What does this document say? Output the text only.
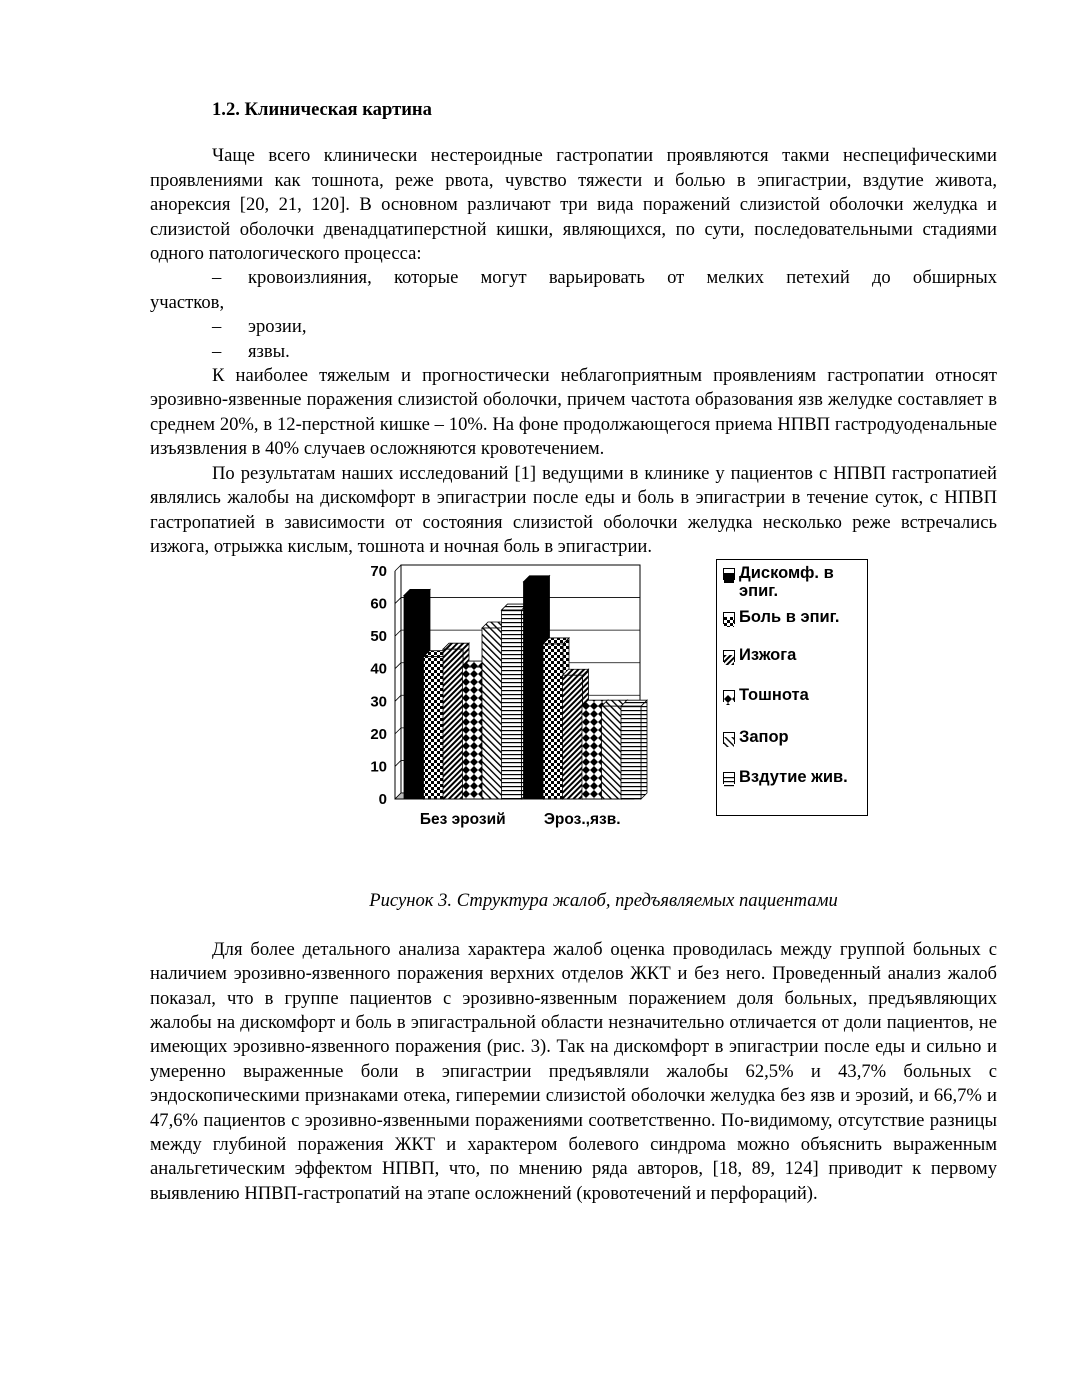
1.2. Клиническая картина

Чаще всего клинически нестероидные гастропатии проявляются такми неспецифическими проявлениями как тошнота, реже рвота, чувство тяжести и болью в эпигастрии, вздутие живота, анорексия [20, 21, 120]. В основном различают три вида поражений слизистой оболочки желудка и слизистой оболочки двенадцатиперстной кишки, являющихся, по сути, последовательными стадиями одного патологического процесса:

–	кровоизлияния, которые могут варьировать от мелких петехий до обширных

участков,

–	эрозии,
–	язвы.

К наиболее тяжелым и прогностически неблагоприятным проявлениям гастропатии относят эрозивно-язвенные поражения слизистой оболочки, причем частота образования язв желудке составляет в среднем 20%, в 12-перстной кишке – 10%. На фоне продолжающегося приема НПВП гастродуоденальные изъязвления в 40% случаев осложняются кровотечением.

По результатам наших исследований [1] ведущими в клинике у пациентов с НПВП гастропатией являлись жалобы на дискомфорт в эпигастрии после еды и боль в эпигастрии в течение суток, с НПВП гастропатией в зависимости от состояния слизистой оболочки желудка несколько реже встречались изжога, отрыжка кислым, тошнота и ночная боль в эпигастрии.

0
10
20
30
40
50
60
70
Без эрозий Эроз.,язв.
Дискомф. в эпиг.
Боль в эпиг.
Изжога
Тошнота
Запор
Вздутие жив.

Рисунок 3. Структура жалоб, предъявляемых пациентами

Для более детального анализа характера жалоб оценка проводилась между группой больных с наличием эрозивно-язвенного поражения верхних отделов ЖКТ и без него. Проведенный анализ жалоб показал, что в группе пациентов с эрозивно-язвенным поражением доля больных, предъявляющих жалобы на дискомфорт и боль в эпигастральной области незначительно отличается от доли пациентов, не имеющих эрозивно-язвенного поражения (рис. 3). Так на дискомфорт в эпигастрии после еды и сильно и умеренно выраженные боли в эпигастрии предъявляли жалобы 62,5% и 43,7% больных с эндоскопическими признаками отека, гиперемии слизистой оболочки желудка без язв и эрозий, и 66,7% и 47,6% пациентов с эрозивно-язвенными поражениями соответственно. По-видимому, отсутствие разницы между глубиной поражения ЖКТ и характером болевого синдрома можно объяснить выраженным анальгетическим эффектом НПВП, что, по мнению ряда авторов, [18, 89, 124] приводит к первому выявлению НПВП-гастропатий на этапе осложнений (кровотечений и перфораций).
